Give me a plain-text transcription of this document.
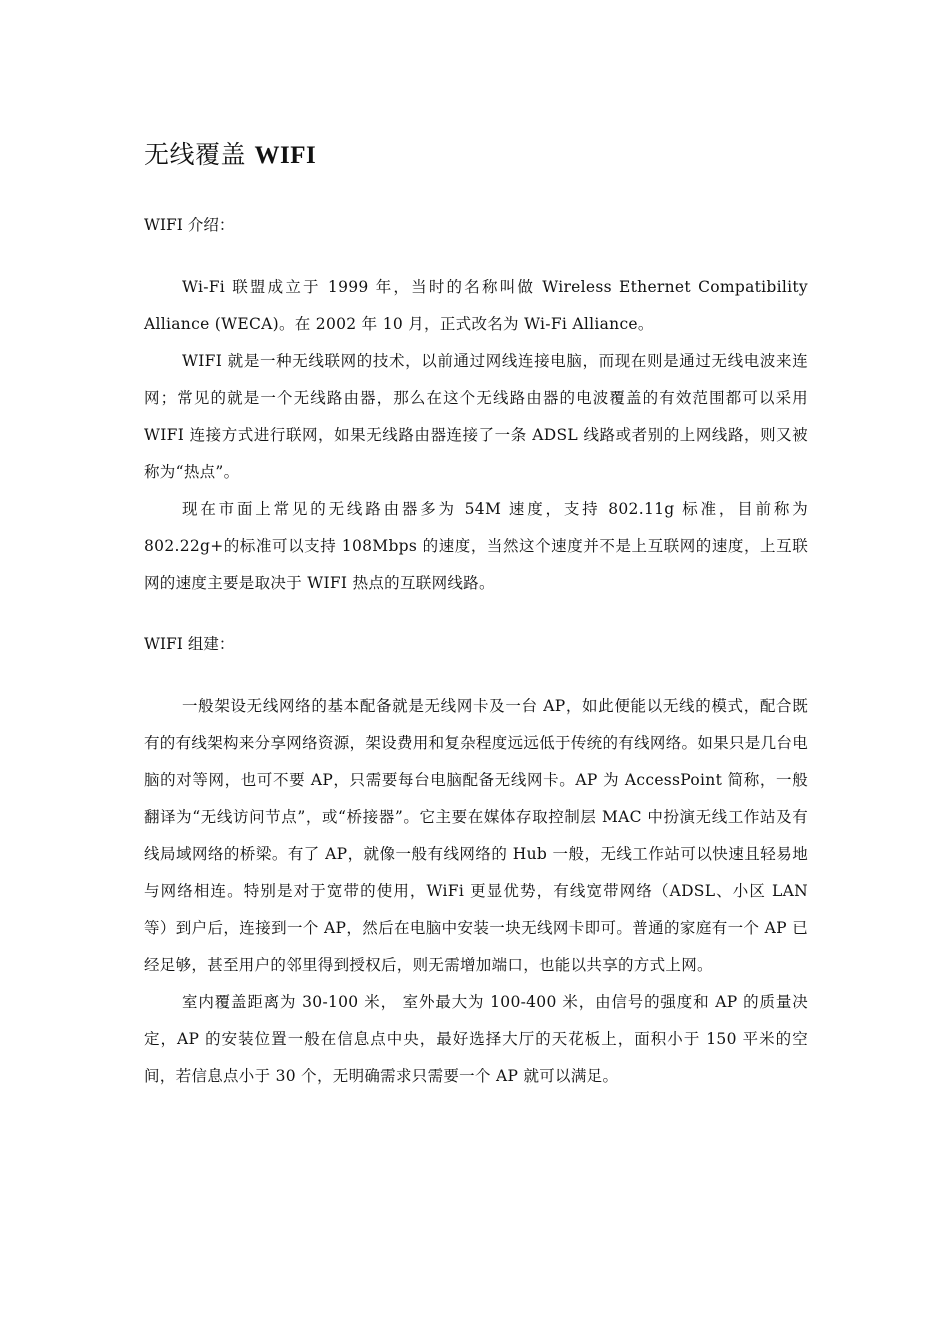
无线覆盖 WIFI
WIFI 介绍：

Wi-Fi 联盟成立于 1999 年，当时的名称叫做 Wireless Ethernet Compatibility Alliance (WECA)。在 2002 年 10 月，正式改名为 Wi-Fi Alliance。

WIFI 就是一种无线联网的技术，以前通过网线连接电脑，而现在则是通过无线电波来连网；常见的就是一个无线路由器，那么在这个无线路由器的电波覆盖的有效范围都可以采用 WIFI 连接方式进行联网，如果无线路由器连接了一条 ADSL 线路或者别的上网线路，则又被称为“热点”。

现在市面上常见的无线路由器多为 54M 速度，支持 802.11g 标准，目前称为 802.22g+的标准可以支持 108Mbps 的速度，当然这个速度并不是上互联网的速度，上互联网的速度主要是取决于 WIFI 热点的互联网线路。

WIFI 组建：

一般架设无线网络的基本配备就是无线网卡及一台 AP，如此便能以无线的模式，配合既有的有线架构来分享网络资源，架设费用和复杂程度远远低于传统的有线网络。如果只是几台电脑的对等网，也可不要 AP，只需要每台电脑配备无线网卡。AP 为 AccessPoint 简称，一般翻译为“无线访问节点”，或“桥接器”。它主要在媒体存取控制层 MAC 中扮演无线工作站及有线局域网络的桥梁。有了 AP，就像一般有线网络的 Hub 一般，无线工作站可以快速且轻易地与网络相连。特别是对于宽带的使用，WiFi 更显优势，有线宽带网络（ADSL、小区 LAN 等）到户后，连接到一个 AP，然后在电脑中安装一块无线网卡即可。普通的家庭有一个 AP 已经足够，甚至用户的邻里得到授权后，则无需增加端口，也能以共享的方式上网。

室内覆盖距离为 30-100 米， 室外最大为 100-400 米，由信号的强度和 AP 的质量决定，AP 的安装位置一般在信息点中央，最好选择大厅的天花板上，面积小于 150 平米的空间，若信息点小于 30 个，无明确需求只需要一个 AP 就可以满足。
